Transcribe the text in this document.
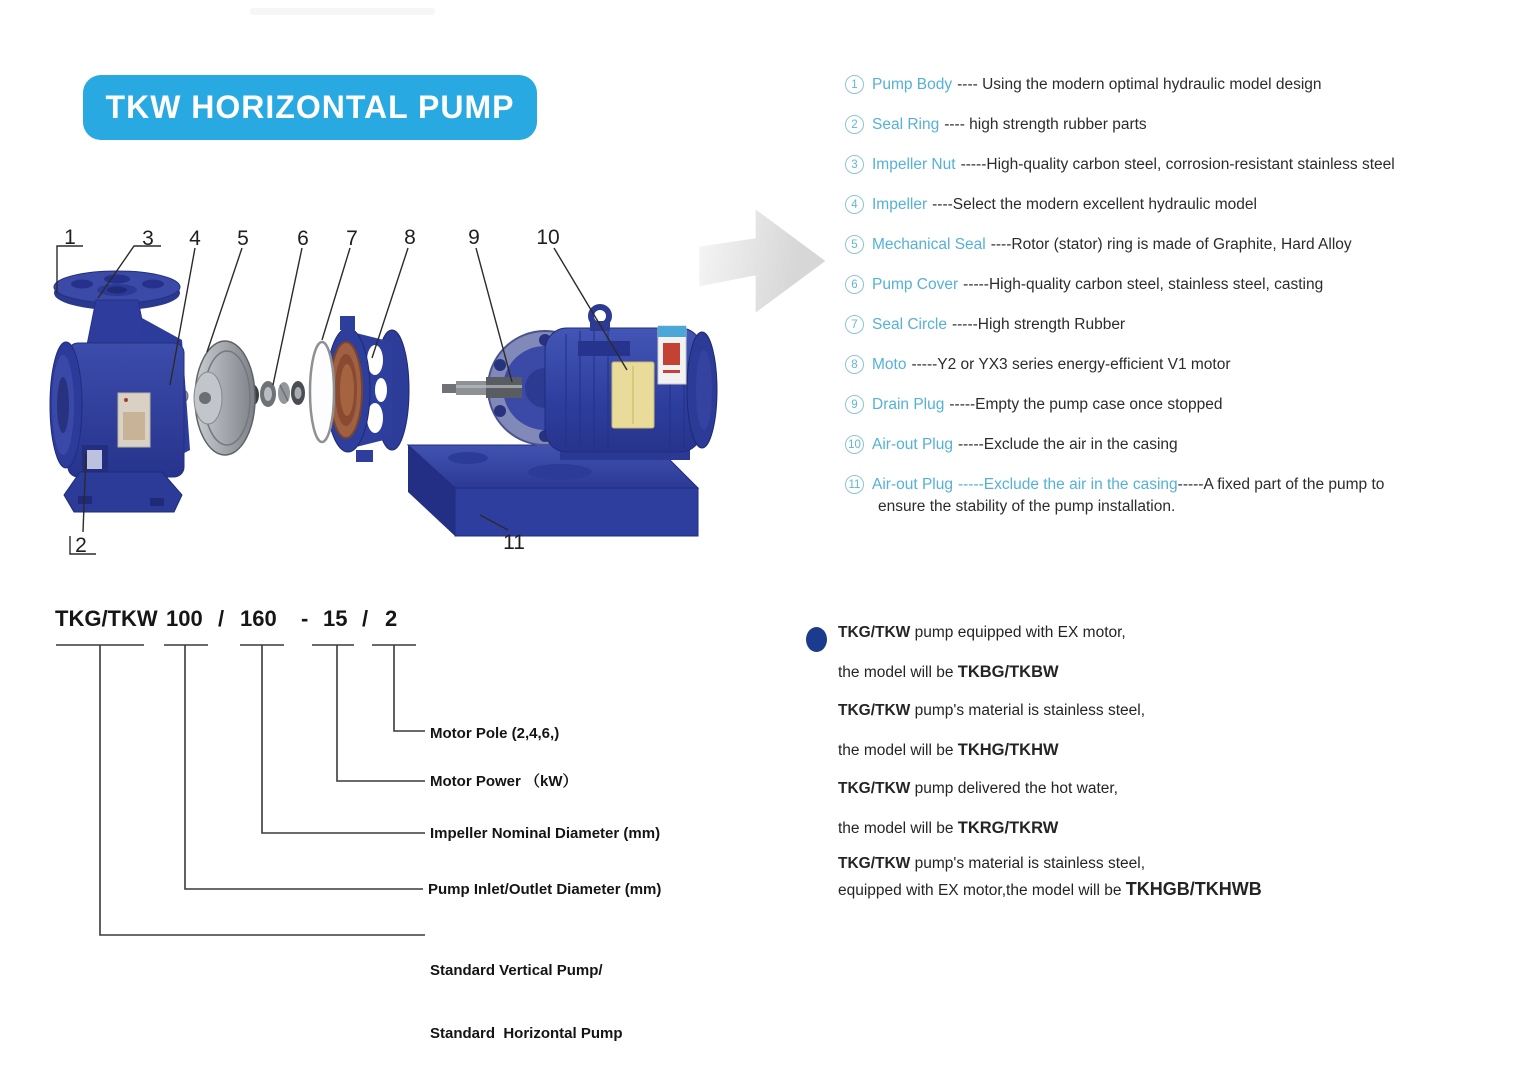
TKW HORIZONTAL PUMP
1	3 4 5 6 7 8 9	10
2	11
1 Pump Body ---- Using the modern optimal hydraulic model design
2 Seal Ring ---- high strength rubber parts
3 Impeller Nut -----High-quality carbon steel, corrosion-resistant stainless steel
4 Impeller ----Select the modern excellent hydraulic model
5 Mechanical Seal ----Rotor (stator) ring is made of Graphite, Hard Alloy
6 Pump Cover -----High-quality carbon steel, stainless steel, casting
7 Seal Circle -----High strength Rubber
8 Moto -----Y2 or YX3 series energy-efficient V1 motor
9 Drain Plug -----Empty the pump case once stopped
10 Air-out Plug -----Exclude the air in the casing
11 Air-out Plug -----Exclude the air in the casing-----A fixed part of the pump to
ensure the stability of the pump installation.
TKG/TKW 100 / 160 - 15 / 2
Motor Pole (2,4,6,)
Motor Power （kW）
Impeller Nominal Diameter (mm)
Pump Inlet/Outlet Diameter (mm)

Standard Vertical Pump/

Standard  Horizontal Pump

TKG/TKW pump equipped with EX motor,
the model will be TKBG/TKBW
TKG/TKW pump's material is stainless steel,
the model will be TKHG/TKHW
TKG/TKW pump delivered the hot water,
the model will be TKRG/TKRW
TKG/TKW pump's material is stainless steel,
equipped with EX motor,the model will be TKHGB/TKHWB
